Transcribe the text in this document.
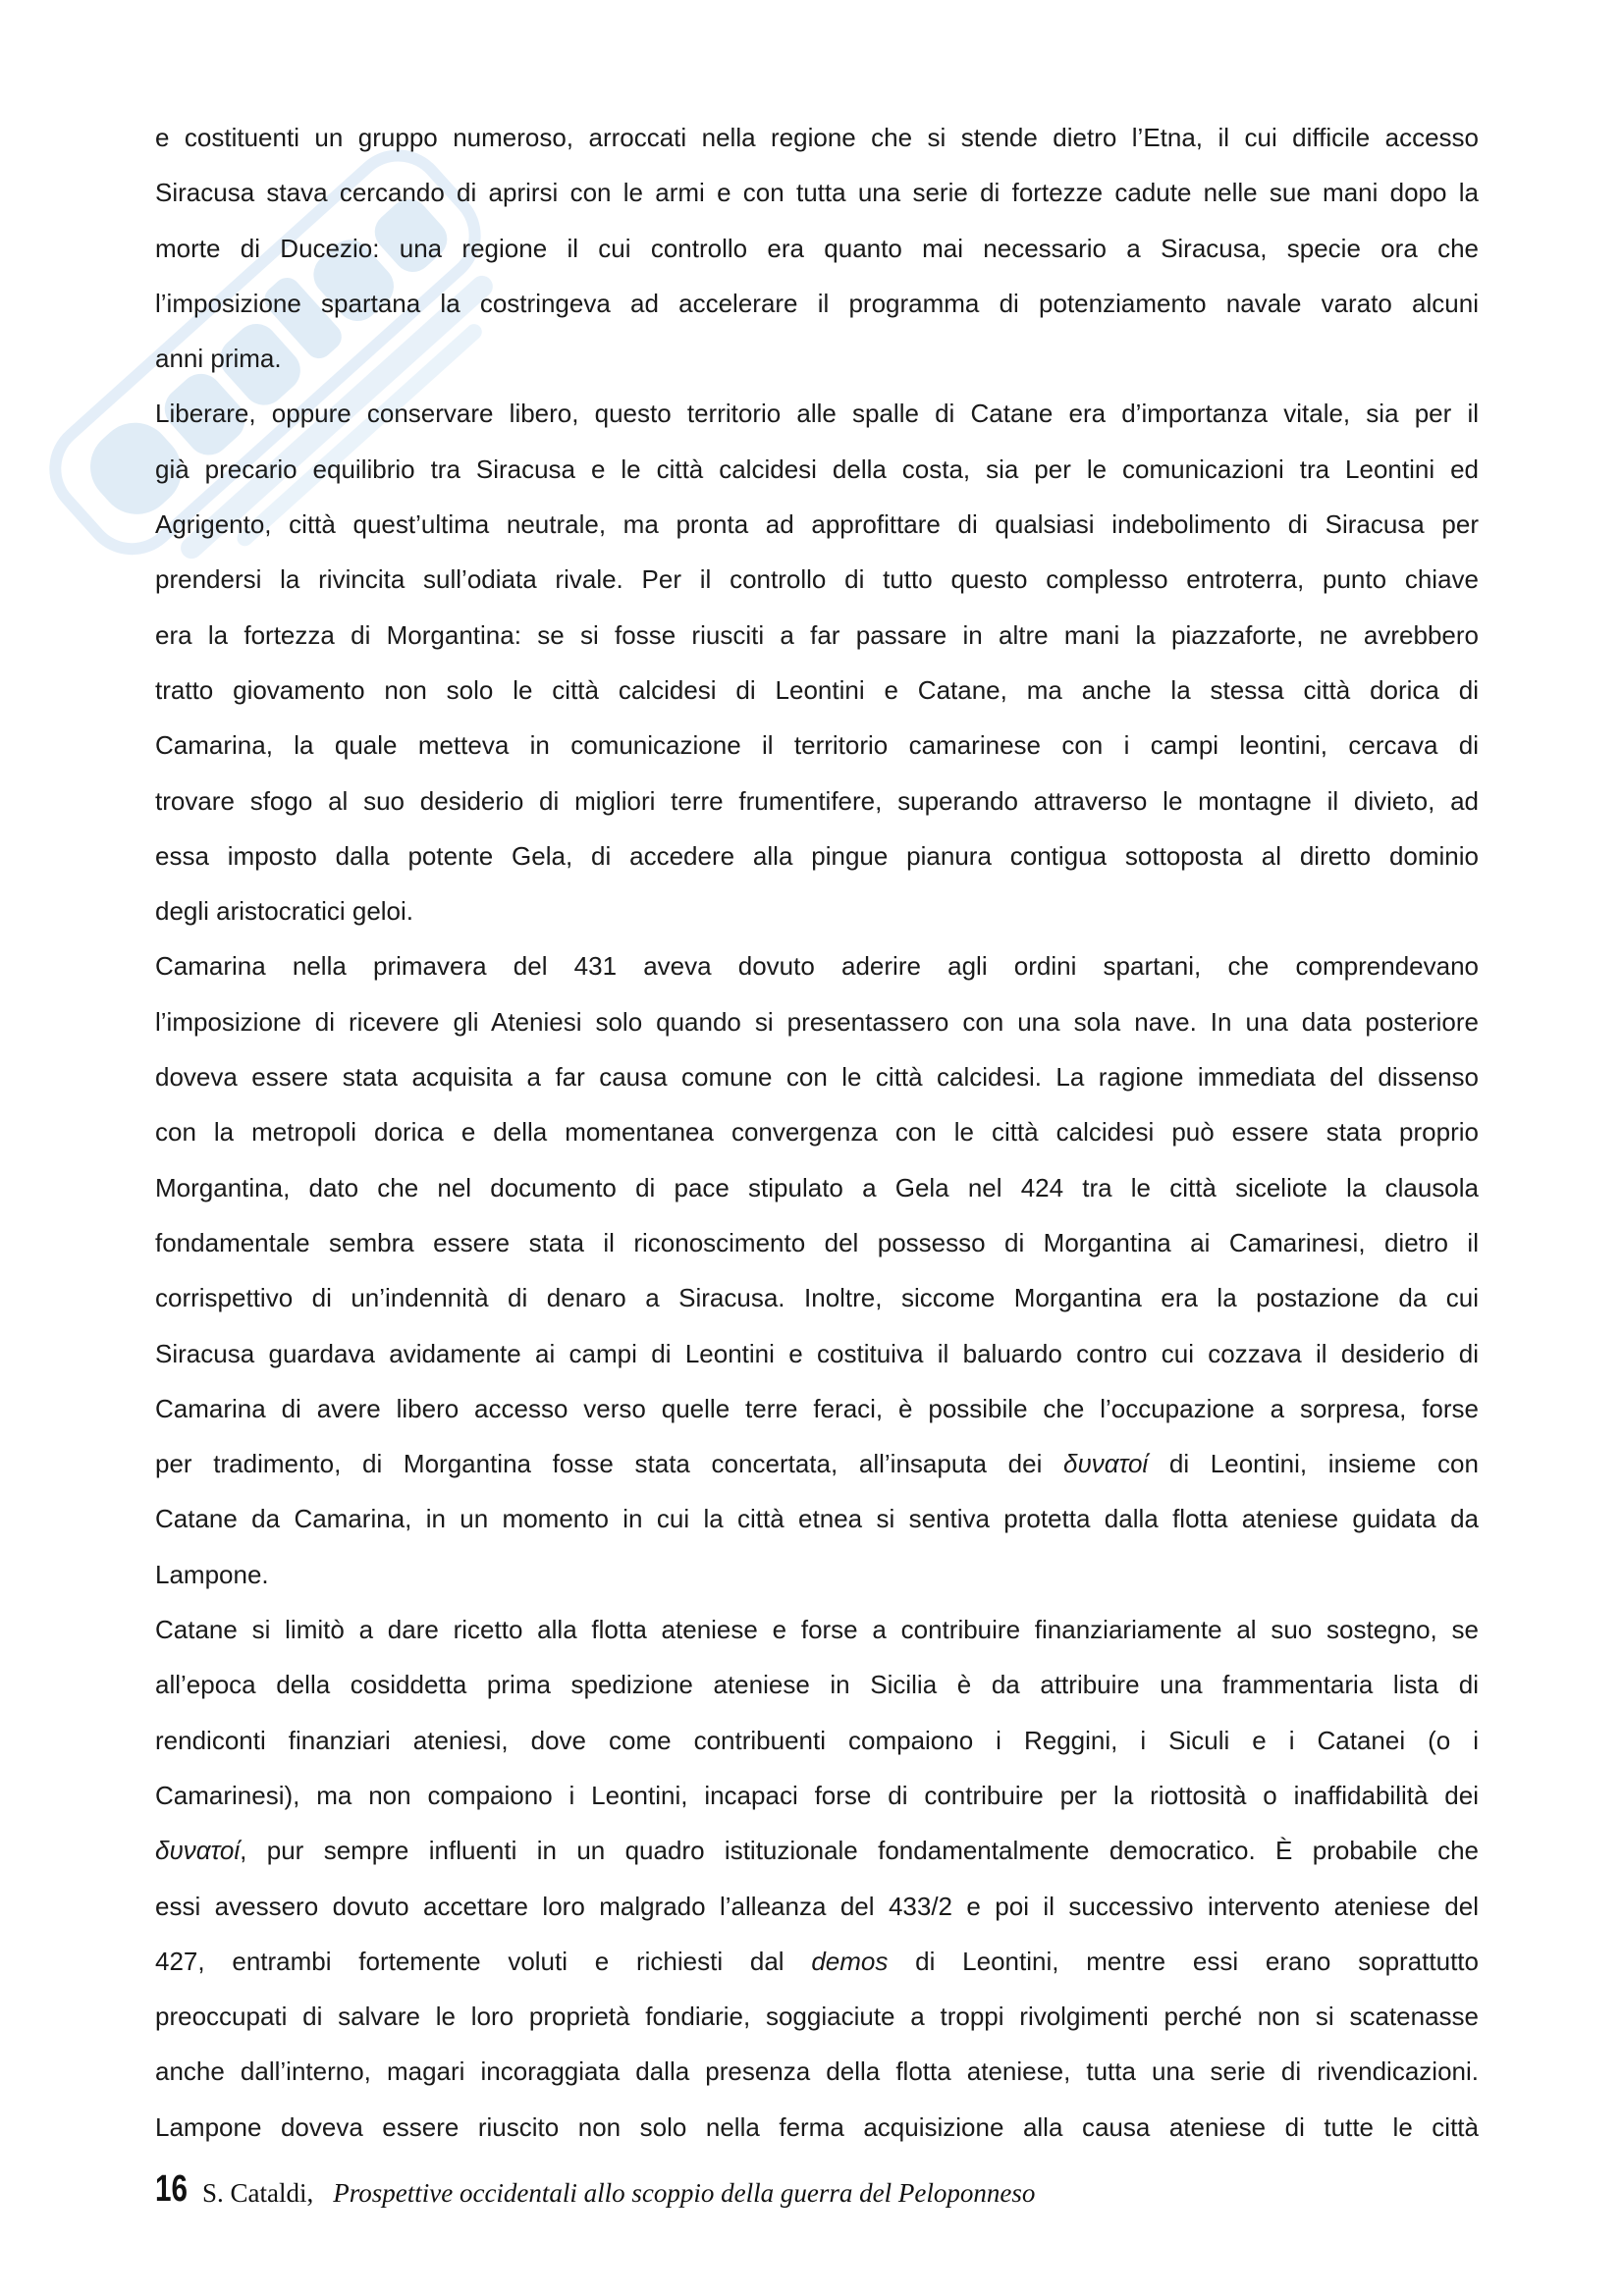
e costituenti un gruppo numeroso, arroccati nella regione che si stende dietro l’Etna, il cui difficile accesso
Siracusa stava cercando di aprirsi con le armi e con tutta una serie di fortezze cadute nelle sue mani dopo la
morte di Ducezio: una regione il cui controllo era quanto mai necessario a Siracusa, specie ora che
l’imposizione spartana la costringeva ad accelerare il programma di potenziamento navale varato alcuni
anni prima.
Liberare, oppure conservare libero, questo territorio alle spalle di Catane era d’importanza vitale, sia per il
già precario equilibrio tra Siracusa e le città calcidesi della costa, sia per le comunicazioni tra Leontini ed
Agrigento, città quest’ultima neutrale, ma pronta ad approfittare di qualsiasi indebolimento di Siracusa per
prendersi la rivincita sull’odiata rivale. Per il controllo di tutto questo complesso entroterra, punto chiave
era la fortezza di Morgantina: se si fosse riusciti a far passare in altre mani la piazzaforte, ne avrebbero
tratto giovamento non solo le città calcidesi di Leontini e Catane, ma anche la stessa città dorica di
Camarina, la quale metteva in comunicazione il territorio camarinese con i campi leontini, cercava di
trovare sfogo al suo desiderio di migliori terre frumentifere, superando attraverso le montagne il divieto, ad
essa imposto dalla potente Gela, di accedere alla pingue pianura contigua sottoposta al diretto dominio
degli aristocratici geloi.
Camarina nella primavera del 431 aveva dovuto aderire agli ordini spartani, che comprendevano
l’imposizione di ricevere gli Ateniesi solo quando si presentassero con una sola nave. In una data posteriore
doveva essere stata acquisita a far causa comune con le città calcidesi. La ragione immediata del dissenso
con la metropoli dorica e della momentanea convergenza con le città calcidesi può essere stata proprio
Morgantina, dato che nel documento di pace stipulato a Gela nel 424 tra le città siceliote la clausola
fondamentale sembra essere stata il riconoscimento del possesso di Morgantina ai Camarinesi, dietro il
corrispettivo di un’indennità di denaro a Siracusa. Inoltre, siccome Morgantina era la postazione da cui
Siracusa guardava avidamente ai campi di Leontini e costituiva il baluardo contro cui cozzava il desiderio di
Camarina di avere libero accesso verso quelle terre feraci, è possibile che l’occupazione a sorpresa, forse
per tradimento, di Morgantina fosse stata concertata, all’insaputa dei δυνατοί di Leontini, insieme con
Catane da Camarina, in un momento in cui la città etnea si sentiva protetta dalla flotta ateniese guidata da
Lampone.
Catane si limitò a dare ricetto alla flotta ateniese e forse a contribuire finanziariamente al suo sostegno, se
all’epoca della cosiddetta prima spedizione ateniese in Sicilia è da attribuire una frammentaria lista di
rendiconti finanziari ateniesi, dove come contribuenti compaiono i Reggini, i Siculi e i Catanei (o i
Camarinesi), ma non compaiono i Leontini, incapaci forse di contribuire per la riottosità o inaffidabilità dei
δυνατοί, pur sempre influenti in un quadro istituzionale fondamentalmente democratico. È probabile che
essi avessero dovuto accettare loro malgrado l’alleanza del 433/2 e poi il successivo intervento ateniese del
427, entrambi fortemente voluti e richiesti dal demos di Leontini, mentre essi erano soprattutto
preoccupati di salvare le loro proprietà fondiarie, soggiaciute a troppi rivolgimenti perché non si scatenasse
anche dall’interno, magari incoraggiata dalla presenza della flotta ateniese, tutta una serie di rivendicazioni.
Lampone doveva essere riuscito non solo nella ferma acquisizione alla causa ateniese di tutte le città
16 S. Cataldi, Prospettive occidentali allo scoppio della guerra del Peloponneso
